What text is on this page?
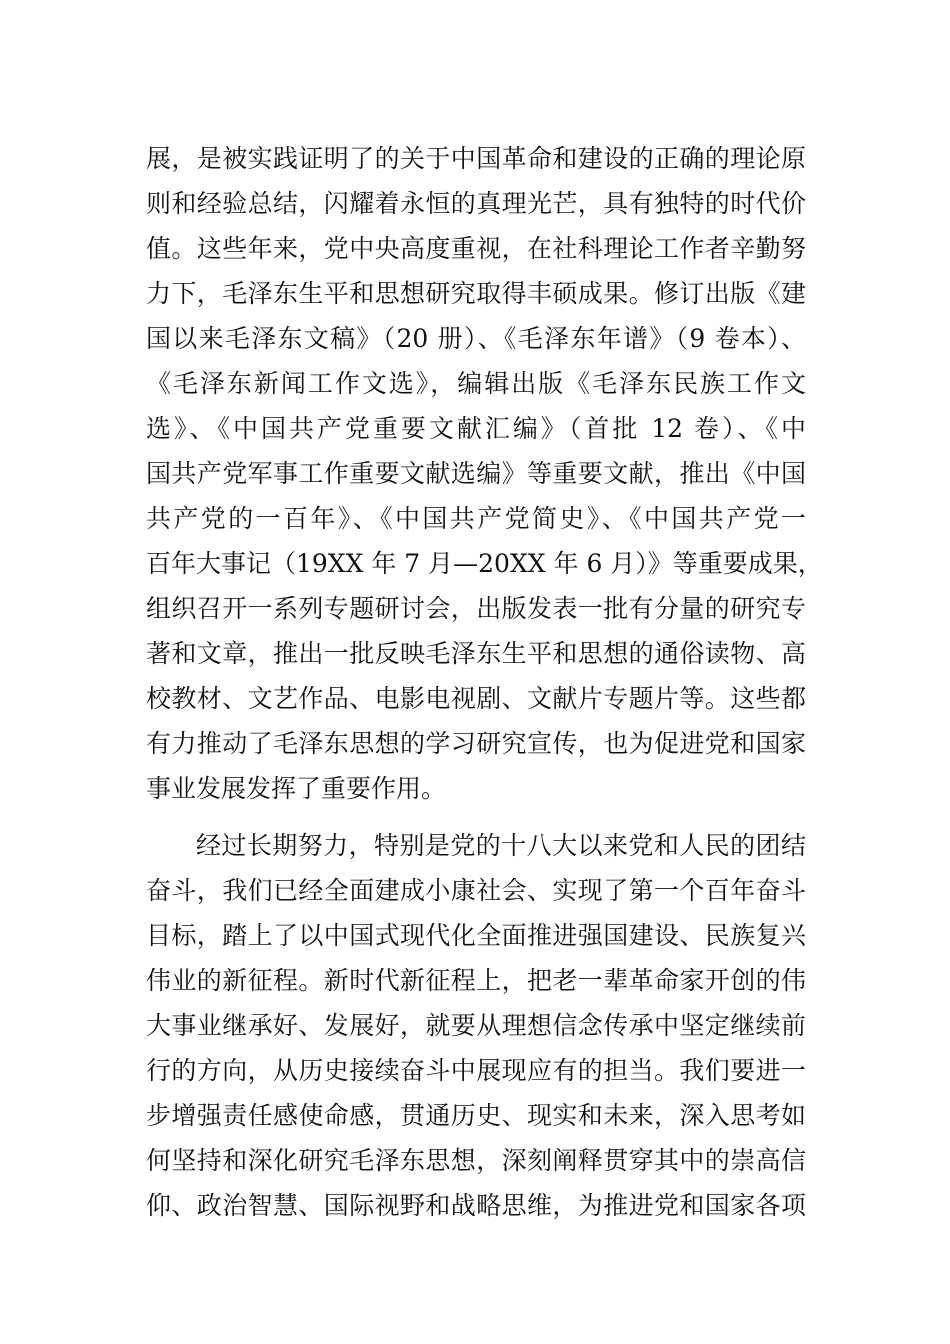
展，是被实践证明了的关于中国革命和建设的正确的理论原
则和经验总结，闪耀着永恒的真理光芒，具有独特的时代价
值。这些年来，党中央高度重视，在社科理论工作者辛勤努
力下，毛泽东生平和思想研究取得丰硕成果。修订出版《建
国以来毛泽东文稿》（20 册）、《毛泽东年谱》（9 卷本）、
《毛泽东新闻工作文选》，编辑出版《毛泽东民族工作文
选》、《中国共产党重要文献汇编》（首批 12 卷）、《中
国共产党军事工作重要文献选编》等重要文献，推出《中国
共产党的一百年》、《中国共产党简史》、《中国共产党一
百年大事记（19XX 年 7 月—20XX 年 6 月）》等重要成果，
组织召开一系列专题研讨会，出版发表一批有分量的研究专
著和文章，推出一批反映毛泽东生平和思想的通俗读物、高
校教材、文艺作品、电影电视剧、文献片专题片等。这些都
有力推动了毛泽东思想的学习研究宣传，也为促进党和国家
事业发展发挥了重要作用。
经过长期努力，特别是党的十八大以来党和人民的团结
奋斗，我们已经全面建成小康社会、实现了第一个百年奋斗
目标，踏上了以中国式现代化全面推进强国建设、民族复兴
伟业的新征程。新时代新征程上，把老一辈革命家开创的伟
大事业继承好、发展好，就要从理想信念传承中坚定继续前
行的方向，从历史接续奋斗中展现应有的担当。我们要进一
步增强责任感使命感，贯通历史、现实和未来，深入思考如
何坚持和深化研究毛泽东思想，深刻阐释贯穿其中的崇高信
仰、政治智慧、国际视野和战略思维，为推进党和国家各项
